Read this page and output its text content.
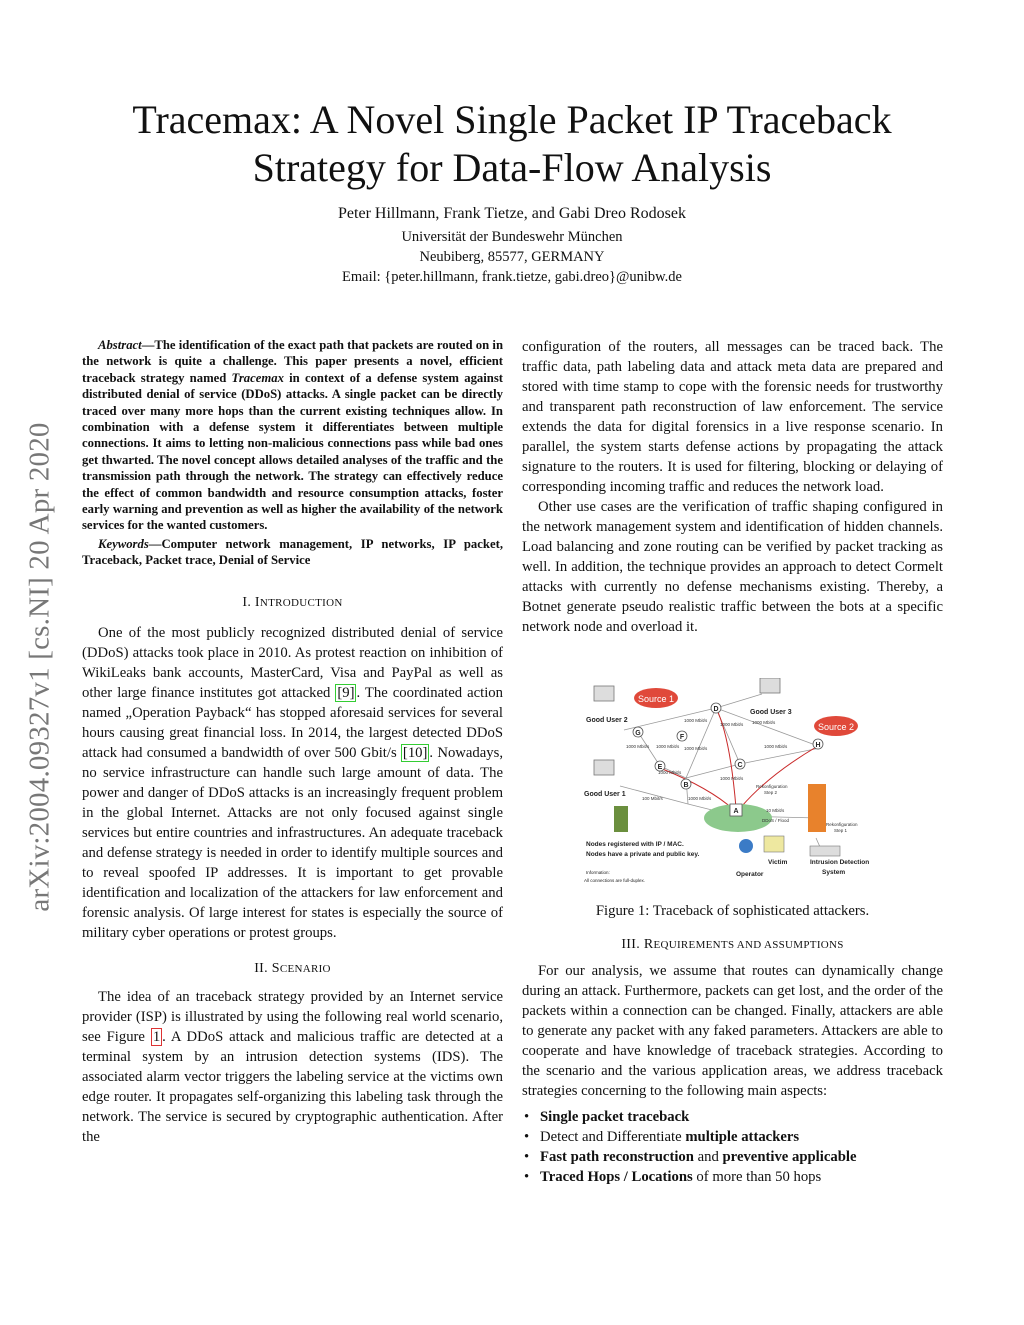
arXiv:2004.09327v1 [cs.NI] 20 Apr 2020
Tracemax: A Novel Single Packet IP Traceback
Strategy for Data-Flow Analysis
Peter Hillmann, Frank Tietze, and Gabi Dreo Rodosek
Universität der Bundeswehr München
Neubiberg, 85577, GERMANY
Email: {peter.hillmann, frank.tietze, gabi.dreo}@unibw.de

Abstract—The identification of the exact path that packets are routed on in the network is quite a challenge. This paper presents a novel, efficient traceback strategy named Tracemax in context of a defense system against distributed denial of service (DDoS) attacks. A single packet can be directly traced over many more hops than the current existing techniques allow. In combination with a defense system it differentiates between multiple connections. It aims to letting non-malicious connections pass while bad ones get thwarted. The novel concept allows detailed analyses of the traffic and the transmission path through the network. The strategy can effectively reduce the effect of common bandwidth and resource consumption attacks, foster early warning and prevention as well as higher the availability of the network services for the wanted customers.

Keywords—Computer network management, IP networks, IP packet, Traceback, Packet trace, Denial of Service

I. INTRODUCTION

One of the most publicly recognized distributed denial of service (DDoS) attacks took place in 2010. As protest reaction on inhibition of WikiLeaks bank accounts, MasterCard, Visa and PayPal as well as other large finance institutes got attacked [9] . The coordinated action named „Operation Payback“ has stopped aforesaid services for several hours causing great financial loss. In 2014, the largest detected DDoS attack had consumed a bandwidth of over 500 Gbit/s [10] . Nowadays, no service infrastructure can handle such large amount of data. The power and danger of DDoS attacks is an increasingly frequent problem in the global Internet. Attacks are not only focused against single services but entire countries and infrastructures. An adequate traceback and defense strategy is needed in order to identify multiple sources and to reveal spoofed IP addresses. It is important to get provable identification and localization of the attackers for law enforcement and forensic analysis. Of large interest for states is especially the source of military cyber operations or protest groups.

II. SCENARIO

The idea of an traceback strategy provided by an Internet service provider (ISP) is illustrated by using the following real world scenario, see Figure 1 . A DDoS attack and malicious traffic are detected at a terminal system by an intrusion detection systems (IDS). The associated alarm vector triggers the labeling service at the victims own edge router. It propagates self-organizing this labeling task through the network. The service is secured by cryptographic authentication. After the

configuration of the routers, all messages can be traced back. The traffic data, path labeling data and attack meta data are prepared and stored with time stamp to cope with the forensic needs for trustworthy and transparent path reconstruction of law enforcement. The service extends the data for digital forensics in a live response scenario. In parallel, the system starts defense actions by propagating the attack signature to the routers. It is used for filtering, blocking or delaying of corresponding incoming traffic and reduces the network load.

Other use cases are the verification of traffic shaping configured in the network management system and identification of hidden channels. Load balancing and zone routing can be verified by packet tracking as well. In addition, the technique provides an approach to detect Cormelt attacks with currently no defense mechanisms existing. Thereby, a Botnet generate pseudo realistic traffic between the bots at a specific network node and overload it.

Source 1
Source 2
D
G
F
C
E
B
H
A
Good User 2
Good User 1
Good User 3
1000 Mbit/s
1000 Mbit/s 1000 Mbit/s
1000 Mbit/s	1000 Mbit/s
1000 Mbit/s	1000 Mbit/s
1000 Mbit/s
1000 Mbit/s
1000 Mbit/s
100 Mbit/s
10 Mbit/s
DDoS / Flood
Rekonfiguration
Step 2
Rekonfiguration
Step 1
Nodes registered with IP / MAC.
Nodes have a private and public key.
Operator
Victim	Intrusion Detection
System
Information:
All connections are full-duplex.
Figure 1: Traceback of sophisticated attackers.
III. REQUIREMENTS AND ASSUMPTIONS

For our analysis, we assume that routes can dynamically change during an attack. Furthermore, packets can get lost, and the order of the packets within a connection can be changed. Finally, attackers are able to generate any packet with any faked parameters. Attackers are able to cooperate and have knowledge of traceback strategies. According to the scenario and the various application areas, we address traceback strategies concerning to the following main aspects:

• Single packet traceback
• Detect and Differentiate multiple attackers
• Fast path reconstruction and preventive applicable
• Traced Hops / Locations of more than 50 hops
